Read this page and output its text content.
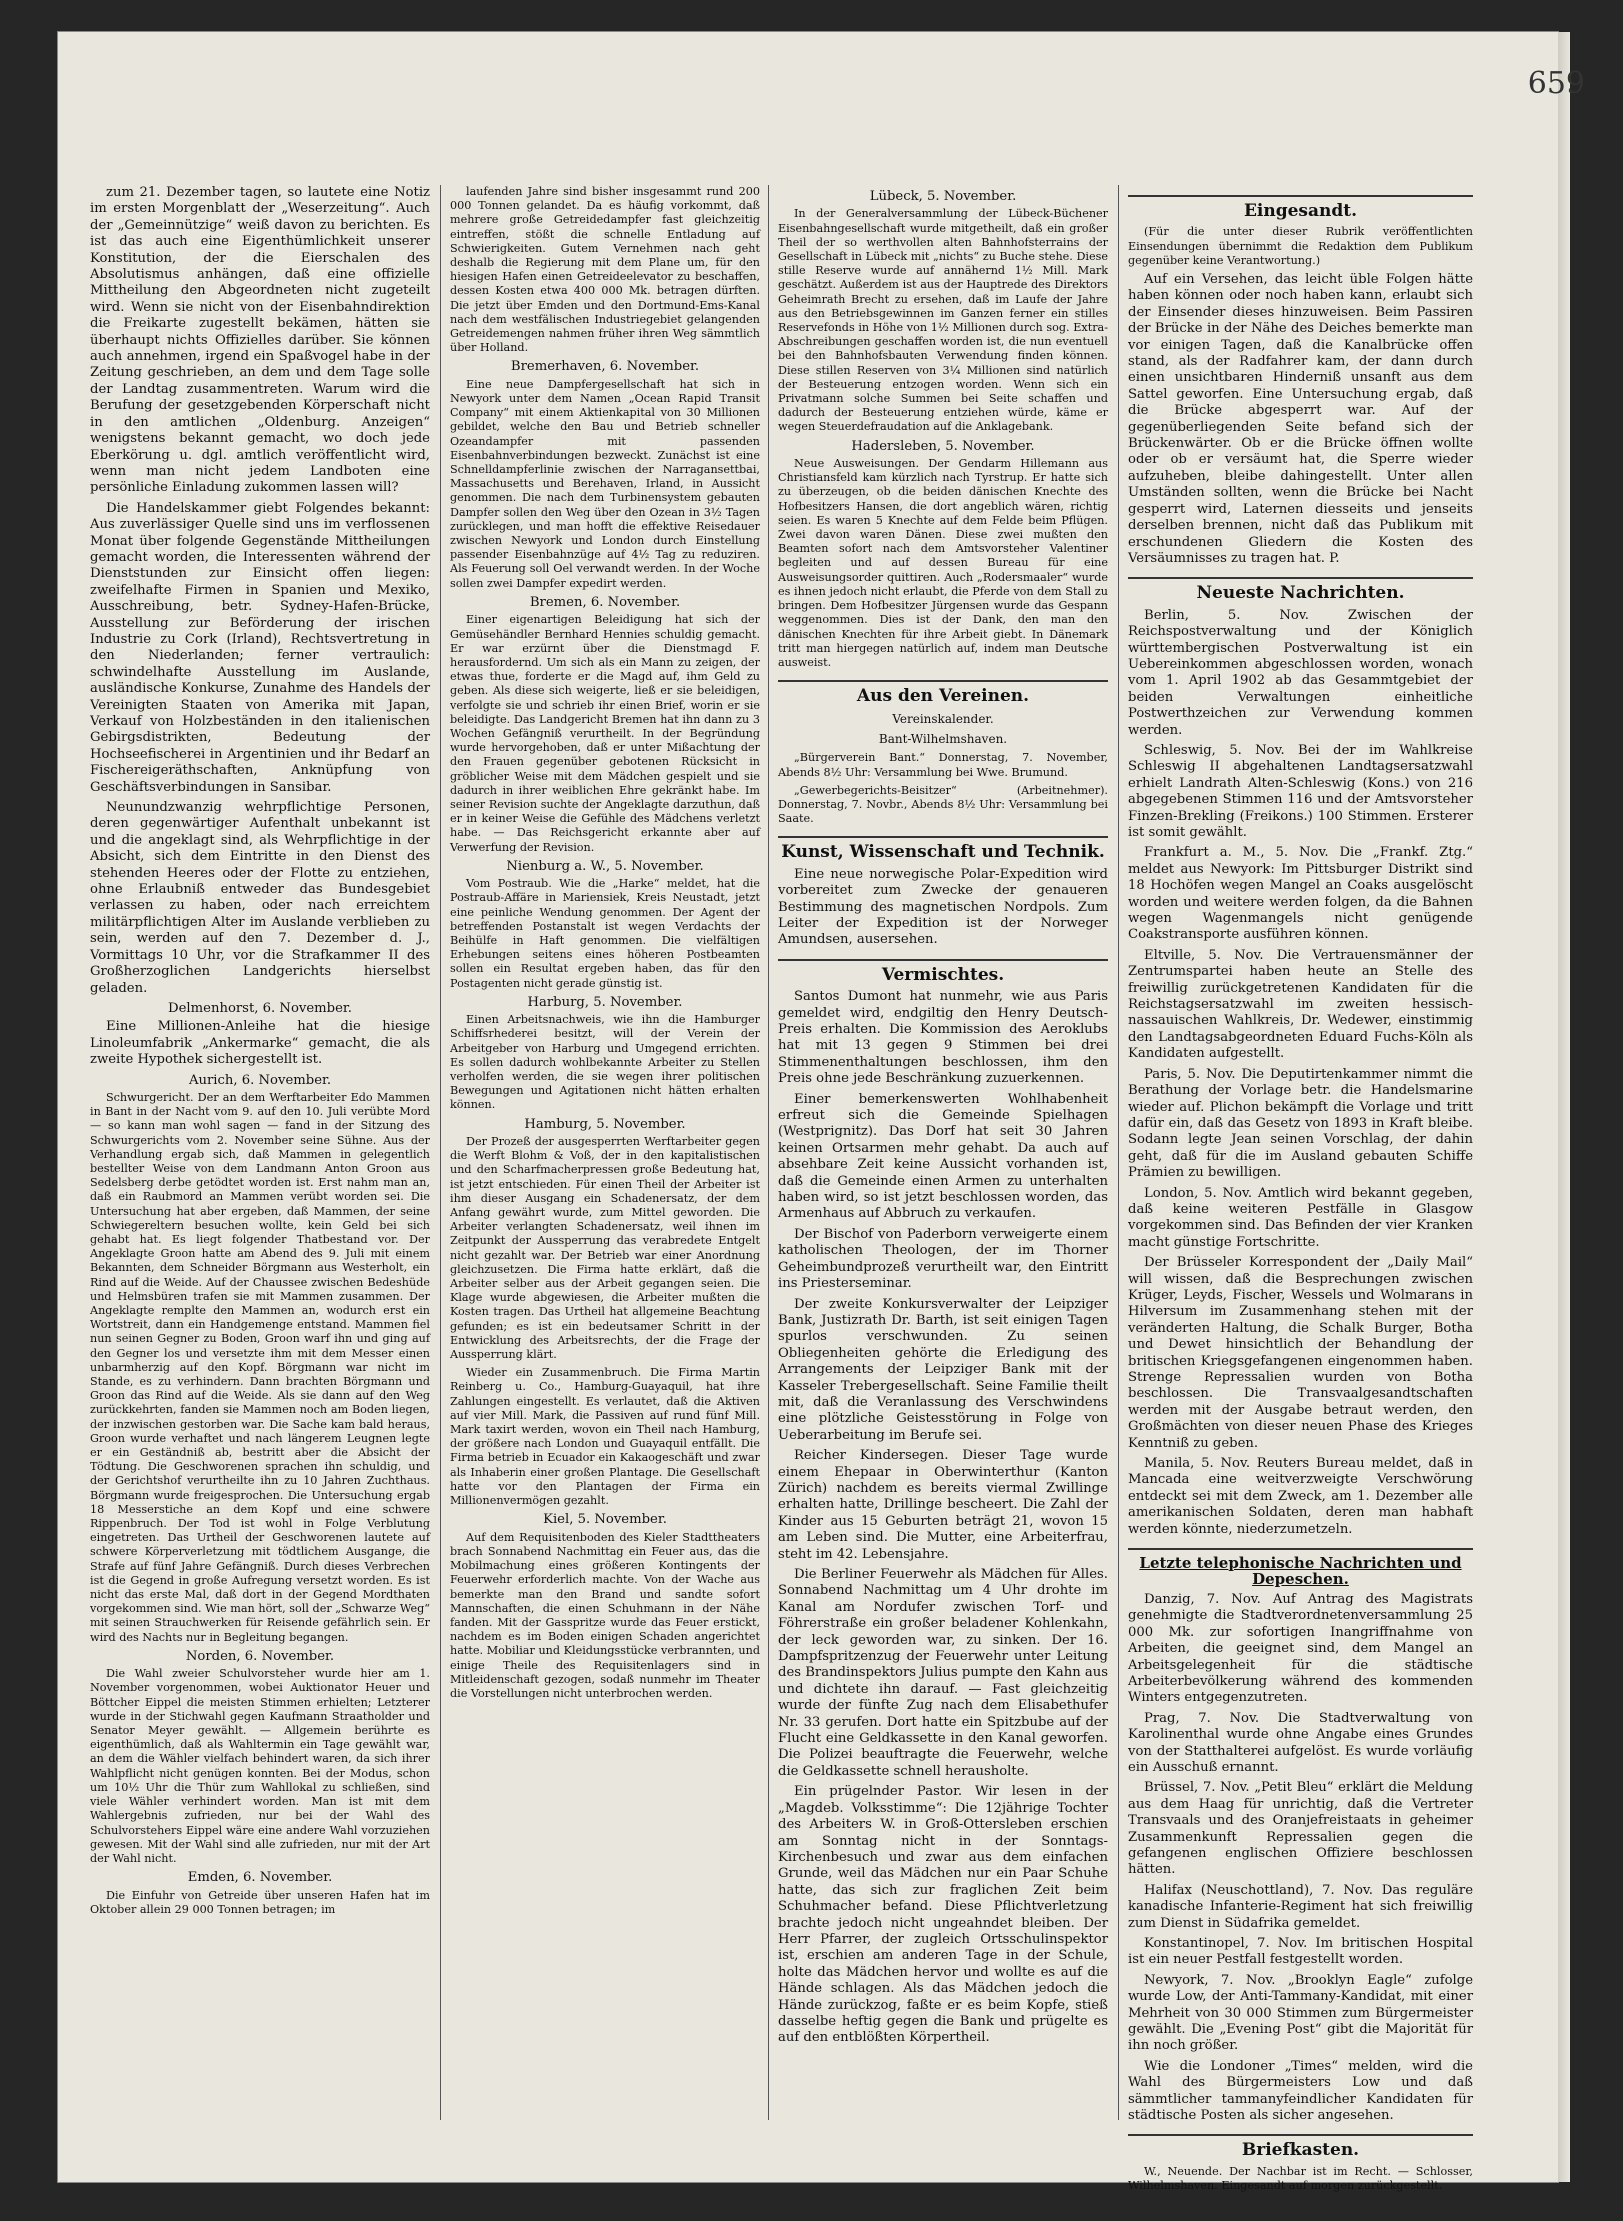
659

zum 21. Dezember tagen, so lautete eine Notiz im ersten Morgenblatt der „Weserzeitung“. Auch der „Gemeinnützige“ weiß davon zu berichten. Es ist das auch eine Eigenthümlichkeit unserer Konstitution, der die Eierschalen des Absolutismus anhängen, daß eine offizielle Mittheilung den Abgeordneten nicht zugeteilt wird. Wenn sie nicht von der Eisenbahndirektion die Freikarte zugestellt bekämen, hätten sie überhaupt nichts Offizielles darüber. Sie können auch annehmen, irgend ein Spaßvogel habe in der Zeitung geschrieben, an dem und dem Tage solle der Landtag zusammentreten. Warum wird die Berufung der gesetzgebenden Körperschaft nicht in den amtlichen „Oldenburg. Anzeigen“ wenigstens bekannt gemacht, wo doch jede Eberkörung u. dgl. amtlich veröffentlicht wird, wenn man nicht jedem Landboten eine persönliche Einladung zukommen lassen will?

Die Handelskammer giebt Folgendes bekannt: Aus zuverlässiger Quelle sind uns im verflossenen Monat über folgende Gegenstände Mittheilungen gemacht worden, die Interessenten während der Dienststunden zur Einsicht offen liegen: zweifelhafte Firmen in Spanien und Mexiko, Ausschreibung, betr. Sydney-Hafen-Brücke, Ausstellung zur Beförderung der irischen Industrie zu Cork (Irland), Rechtsvertretung in den Niederlanden; ferner vertraulich: schwindelhafte Ausstellung im Auslande, ausländische Konkurse, Zunahme des Handels der Vereinigten Staaten von Amerika mit Japan, Verkauf von Holzbeständen in den italienischen Gebirgsdistrikten, Bedeutung der Hochseefischerei in Argentinien und ihr Bedarf an Fischereigeräthschaften, Anknüpfung von Geschäftsverbindungen in Sansibar.

Neunundzwanzig wehrpflichtige Personen, deren gegenwärtiger Aufenthalt unbekannt ist und die angeklagt sind, als Wehrpflichtige in der Absicht, sich dem Eintritte in den Dienst des stehenden Heeres oder der Flotte zu entziehen, ohne Erlaubniß entweder das Bundesgebiet verlassen zu haben, oder nach erreichtem militärpflichtigen Alter im Auslande verblieben zu sein, werden auf den 7. Dezember d. J., Vormittags 10 Uhr, vor die Strafkammer II des Großherzoglichen Landgerichts hierselbst geladen.

Delmenhorst, 6. November.

Eine Millionen-Anleihe hat die hiesige Linoleumfabrik „Ankermarke“ gemacht, die als zweite Hypothek sichergestellt ist.

Aurich, 6. November.

Schwurgericht. Der an dem Werftarbeiter Edo Mammen in Bant in der Nacht vom 9. auf den 10. Juli verübte Mord — so kann man wohl sagen — fand in der Sitzung des Schwurgerichts vom 2. November seine Sühne. Aus der Verhandlung ergab sich, daß Mammen in gelegentlich bestellter Weise von dem Landmann Anton Groon aus Sedelsberg derbe getödtet worden ist. Erst nahm man an, daß ein Raubmord an Mammen verübt worden sei. Die Untersuchung hat aber ergeben, daß Mammen, der seine Schwiegereltern besuchen wollte, kein Geld bei sich gehabt hat. Es liegt folgender Thatbestand vor. Der Angeklagte Groon hatte am Abend des 9. Juli mit einem Bekannten, dem Schneider Börgmann aus Westerholt, ein Rind auf die Weide. Auf der Chaussee zwischen Bedeshüde und Helmsbüren trafen sie mit Mammen zusammen. Der Angeklagte remplte den Mammen an, wodurch erst ein Wortstreit, dann ein Handgemenge entstand. Mammen fiel nun seinen Gegner zu Boden, Groon warf ihn und ging auf den Gegner los und versetzte ihm mit dem Messer einen unbarmherzig auf den Kopf. Börgmann war nicht im Stande, es zu verhindern. Dann brachten Börgmann und Groon das Rind auf die Weide. Als sie dann auf den Weg zurückkehrten, fanden sie Mammen noch am Boden liegen, der inzwischen gestorben war. Die Sache kam bald heraus, Groon wurde verhaftet und nach längerem Leugnen legte er ein Geständniß ab, bestritt aber die Absicht der Tödtung. Die Geschworenen sprachen ihn schuldig, und der Gerichtshof verurtheilte ihn zu 10 Jahren Zuchthaus. Börgmann wurde freigesprochen. Die Untersuchung ergab 18 Messerstiche an dem Kopf und eine schwere Rippenbruch. Der Tod ist wohl in Folge Verblutung eingetreten. Das Urtheil der Geschworenen lautete auf schwere Körperverletzung mit tödtlichem Ausgange, die Strafe auf fünf Jahre Gefängniß. Durch dieses Verbrechen ist die Gegend in große Aufregung versetzt worden. Es ist nicht das erste Mal, daß dort in der Gegend Mordthaten vorgekommen sind. Wie man hört, soll der „Schwarze Weg“ mit seinen Strauchwerken für Reisende gefährlich sein. Er wird des Nachts nur in Begleitung begangen.

Norden, 6. November.

Die Wahl zweier Schulvorsteher wurde hier am 1. November vorgenommen, wobei Auktionator Heuer und Böttcher Eippel die meisten Stimmen erhielten; Letzterer wurde in der Stichwahl gegen Kaufmann Straatholder und Senator Meyer gewählt. — Allgemein berührte es eigenthümlich, daß als Wahltermin ein Tage gewählt war, an dem die Wähler vielfach behindert waren, da sich ihrer Wahlpflicht nicht genügen konnten. Bei der Modus, schon um 10½ Uhr die Thür zum Wahllokal zu schließen, sind viele Wähler verhindert worden. Man ist mit dem Wahlergebnis zufrieden, nur bei der Wahl des Schulvorstehers Eippel wäre eine andere Wahl vorzuziehen gewesen. Mit der Wahl sind alle zufrieden, nur mit der Art der Wahl nicht.

Emden, 6. November.

Die Einfuhr von Getreide über unseren Hafen hat im Oktober allein 29 000 Tonnen betragen; im

laufenden Jahre sind bisher insgesammt rund 200 000 Tonnen gelandet. Da es häufig vorkommt, daß mehrere große Getreidedampfer fast gleichzeitig eintreffen, stößt die schnelle Entladung auf Schwierigkeiten. Gutem Vernehmen nach geht deshalb die Regierung mit dem Plane um, für den hiesigen Hafen einen Getreideelevator zu beschaffen, dessen Kosten etwa 400 000 Mk. betragen dürften. Die jetzt über Emden und den Dortmund-Ems-Kanal nach dem westfälischen Industriegebiet gelangenden Getreidemengen nahmen früher ihren Weg sämmtlich über Holland.

Bremerhaven, 6. November.

Eine neue Dampfergesellschaft hat sich in Newyork unter dem Namen „Ocean Rapid Transit Company“ mit einem Aktienkapital von 30 Millionen gebildet, welche den Bau und Betrieb schneller Ozeandampfer mit passenden Eisenbahnverbindungen bezweckt. Zunächst ist eine Schnelldampferlinie zwischen der Narragansettbai, Massachusetts und Berehaven, Irland, in Aussicht genommen. Die nach dem Turbinensystem gebauten Dampfer sollen den Weg über den Ozean in 3½ Tagen zurücklegen, und man hofft die effektive Reisedauer zwischen Newyork und London durch Einstellung passender Eisenbahnzüge auf 4½ Tag zu reduziren. Als Feuerung soll Oel verwandt werden. In der Woche sollen zwei Dampfer expedirt werden.

Bremen, 6. November.

Einer eigenartigen Beleidigung hat sich der Gemüsehändler Bernhard Hennies schuldig gemacht. Er war erzürnt über die Dienstmagd F. herausfordernd. Um sich als ein Mann zu zeigen, der etwas thue, forderte er die Magd auf, ihm Geld zu geben. Als diese sich weigerte, ließ er sie beleidigen, verfolgte sie und schrieb ihr einen Brief, worin er sie beleidigte. Das Landgericht Bremen hat ihn dann zu 3 Wochen Gefängniß verurtheilt. In der Begründung wurde hervorgehoben, daß er unter Mißachtung der den Frauen gegenüber gebotenen Rücksicht in gröblicher Weise mit dem Mädchen gespielt und sie dadurch in ihrer weiblichen Ehre gekränkt habe. Im seiner Revision suchte der Angeklagte darzuthun, daß er in keiner Weise die Gefühle des Mädchens verletzt habe. — Das Reichsgericht erkannte aber auf Verwerfung der Revision.

Nienburg a. W., 5. November.

Vom Postraub. Wie die „Harke“ meldet, hat die Postraub-Affäre in Mariensiek, Kreis Neustadt, jetzt eine peinliche Wendung genommen. Der Agent der betreffenden Postanstalt ist wegen Verdachts der Beihülfe in Haft genommen. Die vielfältigen Erhebungen seitens eines höheren Postbeamten sollen ein Resultat ergeben haben, das für den Postagenten nicht gerade günstig ist.

Harburg, 5. November.

Einen Arbeitsnachweis, wie ihn die Hamburger Schiffsrhederei besitzt, will der Verein der Arbeitgeber von Harburg und Umgegend errichten. Es sollen dadurch wohlbekannte Arbeiter zu Stellen verholfen werden, die sie wegen ihrer politischen Bewegungen und Agitationen nicht hätten erhalten können.

Hamburg, 5. November.

Der Prozeß der ausgesperrten Werftarbeiter gegen die Werft Blohm & Voß, der in den kapitalistischen und den Scharfmacherpressen große Bedeutung hat, ist jetzt entschieden. Für einen Theil der Arbeiter ist ihm dieser Ausgang ein Schadenersatz, der dem Anfang gewährt wurde, zum Mittel geworden. Die Arbeiter verlangten Schadenersatz, weil ihnen im Zeitpunkt der Aussperrung das verabredete Entgelt nicht gezahlt war. Der Betrieb war einer Anordnung gleichzusetzen. Die Firma hatte erklärt, daß die Arbeiter selber aus der Arbeit gegangen seien. Die Klage wurde abgewiesen, die Arbeiter mußten die Kosten tragen. Das Urtheil hat allgemeine Beachtung gefunden; es ist ein bedeutsamer Schritt in der Entwicklung des Arbeitsrechts, der die Frage der Aussperrung klärt.

Wieder ein Zusammenbruch. Die Firma Martin Reinberg u. Co., Hamburg-Guayaquil, hat ihre Zahlungen eingestellt. Es verlautet, daß die Aktiven auf vier Mill. Mark, die Passiven auf rund fünf Mill. Mark taxirt werden, wovon ein Theil nach Hamburg, der größere nach London und Guayaquil entfällt. Die Firma betrieb in Ecuador ein Kakaogeschäft und zwar als Inhaberin einer großen Plantage. Die Gesellschaft hatte vor den Plantagen der Firma ein Millionenvermögen gezahlt.

Kiel, 5. November.

Auf dem Requisitenboden des Kieler Stadttheaters brach Sonnabend Nachmittag ein Feuer aus, das die Mobilmachung eines größeren Kontingents der Feuerwehr erforderlich machte. Von der Wache aus bemerkte man den Brand und sandte sofort Mannschaften, die einen Schuhmann in der Nähe fanden. Mit der Gasspritze wurde das Feuer erstickt, nachdem es im Boden einigen Schaden angerichtet hatte. Mobiliar und Kleidungsstücke verbrannten, und einige Theile des Requisitenlagers sind in Mitleidenschaft gezogen, sodaß nunmehr im Theater die Vorstellungen nicht unterbrochen werden.

Lübeck, 5. November.

In der Generalversammlung der Lübeck-Büchener Eisenbahngesellschaft wurde mitgetheilt, daß ein großer Theil der so werthvollen alten Bahnhofsterrains der Gesellschaft in Lübeck mit „nichts“ zu Buche stehe. Diese stille Reserve wurde auf annähernd 1½ Mill. Mark geschätzt. Außerdem ist aus der Hauptrede des Direktors Geheimrath Brecht zu ersehen, daß im Laufe der Jahre aus den Betriebsgewinnen im Ganzen ferner ein stilles Reservefonds in Höhe von 1½ Millionen durch sog. Extra-Abschreibungen geschaffen worden ist, die nun eventuell bei den Bahnhofsbauten Verwendung finden können. Diese stillen Reserven von 3¼ Millionen sind natürlich der Besteuerung entzogen worden. Wenn sich ein Privatmann solche Summen bei Seite schaffen und dadurch der Besteuerung entziehen würde, käme er wegen Steuerdefraudation auf die Anklagebank.

Hadersleben, 5. November.

Neue Ausweisungen. Der Gendarm Hillemann aus Christiansfeld kam kürzlich nach Tyrstrup. Er hatte sich zu überzeugen, ob die beiden dänischen Knechte des Hofbesitzers Hansen, die dort angeblich wären, richtig seien. Es waren 5 Knechte auf dem Felde beim Pflügen. Zwei davon waren Dänen. Diese zwei mußten den Beamten sofort nach dem Amtsvorsteher Valentiner begleiten und auf dessen Bureau für eine Ausweisungsorder quittiren. Auch „Rodersmaaler“ wurde es ihnen jedoch nicht erlaubt, die Pferde von dem Stall zu bringen. Dem Hofbesitzer Jürgensen wurde das Gespann weggenommen. Dies ist der Dank, den man den dänischen Knechten für ihre Arbeit giebt. In Dänemark tritt man hiergegen natürlich auf, indem man Deutsche ausweist.

Aus den Vereinen.
Vereinskalender.
Bant-Wilhelmshaven.

„Bürgerverein Bant.“ Donnerstag, 7. November, Abends 8½ Uhr: Versammlung bei Wwe. Brumund.

„Gewerbegerichts-Beisitzer“ (Arbeitnehmer). Donnerstag, 7. Novbr., Abends 8½ Uhr: Versammlung bei Saate.

Kunst, Wissenschaft und Technik.

Eine neue norwegische Polar-Expedition wird vorbereitet zum Zwecke der genaueren Bestimmung des magnetischen Nordpols. Zum Leiter der Expedition ist der Norweger Amundsen, ausersehen.

Vermischtes.

Santos Dumont hat nunmehr, wie aus Paris gemeldet wird, endgiltig den Henry Deutsch-Preis erhalten. Die Kommission des Aeroklubs hat mit 13 gegen 9 Stimmen bei drei Stimmenenthaltungen beschlossen, ihm den Preis ohne jede Beschränkung zuzuerkennen.

Einer bemerkenswerten Wohlhabenheit erfreut sich die Gemeinde Spielhagen (Westprignitz). Das Dorf hat seit 30 Jahren keinen Ortsarmen mehr gehabt. Da auch auf absehbare Zeit keine Aussicht vorhanden ist, daß die Gemeinde einen Armen zu unterhalten haben wird, so ist jetzt beschlossen worden, das Armenhaus auf Abbruch zu verkaufen.

Der Bischof von Paderborn verweigerte einem katholischen Theologen, der im Thorner Geheimbundprozeß verurtheilt war, den Eintritt ins Priesterseminar.

Der zweite Konkursverwalter der Leipziger Bank, Justizrath Dr. Barth, ist seit einigen Tagen spurlos verschwunden. Zu seinen Obliegenheiten gehörte die Erledigung des Arrangements der Leipziger Bank mit der Kasseler Trebergesellschaft. Seine Familie theilt mit, daß die Veranlassung des Verschwindens eine plötzliche Geistesstörung in Folge von Ueberarbeitung im Berufe sei.

Reicher Kindersegen. Dieser Tage wurde einem Ehepaar in Oberwinterthur (Kanton Zürich) nachdem es bereits viermal Zwillinge erhalten hatte, Drillinge bescheert. Die Zahl der Kinder aus 15 Geburten beträgt 21, wovon 15 am Leben sind. Die Mutter, eine Arbeiterfrau, steht im 42. Lebensjahre.

Die Berliner Feuerwehr als Mädchen für Alles. Sonnabend Nachmittag um 4 Uhr drohte im Kanal am Nordufer zwischen Torf- und Föhrerstraße ein großer beladener Kohlenkahn, der leck geworden war, zu sinken. Der 16. Dampfspritzenzug der Feuerwehr unter Leitung des Brandinspektors Julius pumpte den Kahn aus und dichtete ihn darauf. — Fast gleichzeitig wurde der fünfte Zug nach dem Elisabethufer Nr. 33 gerufen. Dort hatte ein Spitzbube auf der Flucht eine Geldkassette in den Kanal geworfen. Die Polizei beauftragte die Feuerwehr, welche die Geldkassette schnell herausholte.

Ein prügelnder Pastor. Wir lesen in der „Magdeb. Volksstimme“: Die 12jährige Tochter des Arbeiters W. in Groß-Ottersleben erschien am Sonntag nicht in der Sonntags-Kirchenbesuch und zwar aus dem einfachen Grunde, weil das Mädchen nur ein Paar Schuhe hatte, das sich zur fraglichen Zeit beim Schuhmacher befand. Diese Pflichtverletzung brachte jedoch nicht ungeahndet bleiben. Der Herr Pfarrer, der zugleich Ortsschulinspektor ist, erschien am anderen Tage in der Schule, holte das Mädchen hervor und wollte es auf die Hände schlagen. Als das Mädchen jedoch die Hände zurückzog, faßte er es beim Kopfe, stieß dasselbe heftig gegen die Bank und prügelte es auf den entblößten Körpertheil.

Eingesandt.

(Für die unter dieser Rubrik veröffentlichten Einsendungen übernimmt die Redaktion dem Publikum gegenüber keine Verantwortung.)

Auf ein Versehen, das leicht üble Folgen hätte haben können oder noch haben kann, erlaubt sich der Einsender dieses hinzuweisen. Beim Passiren der Brücke in der Nähe des Deiches bemerkte man vor einigen Tagen, daß die Kanalbrücke offen stand, als der Radfahrer kam, der dann durch einen unsichtbaren Hinderniß unsanft aus dem Sattel geworfen. Eine Untersuchung ergab, daß die Brücke abgesperrt war. Auf der gegenüberliegenden Seite befand sich der Brückenwärter. Ob er die Brücke öffnen wollte oder ob er versäumt hat, die Sperre wieder aufzuheben, bleibe dahingestellt. Unter allen Umständen sollten, wenn die Brücke bei Nacht gesperrt wird, Laternen diesseits und jenseits derselben brennen, nicht daß das Publikum mit erschundenen Gliedern die Kosten des Versäumnisses zu tragen hat. P.

Neueste Nachrichten.

Berlin, 5. Nov. Zwischen der Reichspostverwaltung und der Königlich württembergischen Postverwaltung ist ein Uebereinkommen abgeschlossen worden, wonach vom 1. April 1902 ab das Gesammtgebiet der beiden Verwaltungen einheitliche Postwerthzeichen zur Verwendung kommen werden.

Schleswig, 5. Nov. Bei der im Wahlkreise Schleswig II abgehaltenen Landtagsersatzwahl erhielt Landrath Alten-Schleswig (Kons.) von 216 abgegebenen Stimmen 116 und der Amtsvorsteher Finzen-Brekling (Freikons.) 100 Stimmen. Ersterer ist somit gewählt.

Frankfurt a. M., 5. Nov. Die „Frankf. Ztg.“ meldet aus Newyork: Im Pittsburger Distrikt sind 18 Hochöfen wegen Mangel an Coaks ausgelöscht worden und weitere werden folgen, da die Bahnen wegen Wagenmangels nicht genügende Coakstransporte ausführen können.

Eltville, 5. Nov. Die Vertrauensmänner der Zentrumspartei haben heute an Stelle des freiwillig zurückgetretenen Kandidaten für die Reichstagsersatzwahl im zweiten hessisch-nassauischen Wahlkreis, Dr. Wedewer, einstimmig den Landtagsabgeordneten Eduard Fuchs-Köln als Kandidaten aufgestellt.

Paris, 5. Nov. Die Deputirtenkammer nimmt die Berathung der Vorlage betr. die Handelsmarine wieder auf. Plichon bekämpft die Vorlage und tritt dafür ein, daß das Gesetz von 1893 in Kraft bleibe. Sodann legte Jean seinen Vorschlag, der dahin geht, daß für die im Ausland gebauten Schiffe Prämien zu bewilligen.

London, 5. Nov. Amtlich wird bekannt gegeben, daß keine weiteren Pestfälle in Glasgow vorgekommen sind. Das Befinden der vier Kranken macht günstige Fortschritte.

Der Brüsseler Korrespondent der „Daily Mail“ will wissen, daß die Besprechungen zwischen Krüger, Leyds, Fischer, Wessels und Wolmarans in Hilversum im Zusammenhang stehen mit der veränderten Haltung, die Schalk Burger, Botha und Dewet hinsichtlich der Behandlung der britischen Kriegsgefangenen eingenommen haben. Strenge Repressalien wurden von Botha beschlossen. Die Transvaalgesandtschaften werden mit der Ausgabe betraut werden, den Großmächten von dieser neuen Phase des Krieges Kenntniß zu geben.

Manila, 5. Nov. Reuters Bureau meldet, daß in Mancada eine weitverzweigte Verschwörung entdeckt sei mit dem Zweck, am 1. Dezember alle amerikanischen Soldaten, deren man habhaft werden könnte, niederzumetzeln.

Letzte telephonische Nachrichten und Depeschen.

Danzig, 7. Nov. Auf Antrag des Magistrats genehmigte die Stadtverordnetenversammlung 25 000 Mk. zur sofortigen Inangriffnahme von Arbeiten, die geeignet sind, dem Mangel an Arbeitsgelegenheit für die städtische Arbeiterbevölkerung während des kommenden Winters entgegenzutreten.

Prag, 7. Nov. Die Stadtverwaltung von Karolinenthal wurde ohne Angabe eines Grundes von der Statthalterei aufgelöst. Es wurde vorläufig ein Ausschuß ernannt.

Brüssel, 7. Nov. „Petit Bleu“ erklärt die Meldung aus dem Haag für unrichtig, daß die Vertreter Transvaals und des Oranjefreistaats in geheimer Zusammenkunft Repressalien gegen die gefangenen englischen Offiziere beschlossen hätten.

Halifax (Neuschottland), 7. Nov. Das reguläre kanadische Infanterie-Regiment hat sich freiwillig zum Dienst in Südafrika gemeldet.

Konstantinopel, 7. Nov. Im britischen Hospital ist ein neuer Pestfall festgestellt worden.

Newyork, 7. Nov. „Brooklyn Eagle“ zufolge wurde Low, der Anti-Tammany-Kandidat, mit einer Mehrheit von 30 000 Stimmen zum Bürgermeister gewählt. Die „Evening Post“ gibt die Majorität für ihn noch größer.

Wie die Londoner „Times“ melden, wird die Wahl des Bürgermeisters Low und daß sämmtlicher tammanyfeindlicher Kandidaten für städtische Posten als sicher angesehen.

Briefkasten.

W., Neuende. Der Nachbar ist im Recht. — Schlosser, Wilhelmshaven. Eingesandt auf morgen zurückgestellt.
